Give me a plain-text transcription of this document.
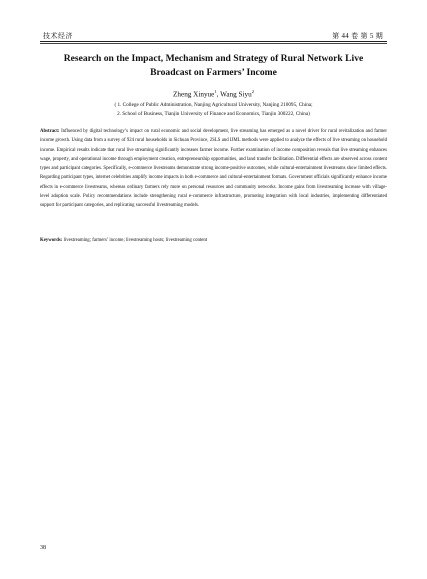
技术经济	第 44 卷 第 5 期
Research on the Impact, Mechanism and Strategy of Rural Network Live Broadcast on Farmers’ Income
Zheng Xinyue$^1$, Wang Siyu$^2$
( 1. College of Public Administration, Nanjing Agricultural University, Nanjing 210095, China;
2. School of Business, Tianjin University of Finance and Economics, Tianjin 300222, China)
Abstract: Influenced by digital technology’s impact on rural economic and social development, live streaming has emerged as a novel driver for rural revitalization and farmer income growth. Using data from a survey of 924 rural households in Sichuan Province, 2SLS and IJML methods were applied to analyze the effects of live streaming on household income. Empirical results indicate that rural live streaming significantly increases farmer income. Further examination of income composition reveals that live streaming enhances wage, property, and operational income through employment creation, entrepreneurship opportunities, and land transfer facilitation. Differential effects are observed across content types and participant categories. Specifically, e-commerce livestreams demonstrate strong income-positive outcomes, while cultural-entertainment livestreams show limited effects. Regarding participant types, internet celebrities amplify income impacts in both e-commerce and cultural-entertainment formats. Government officials significantly enhance income effects in e-commerce livestreams, whereas ordinary farmers rely more on personal resources and community networks. Income gains from livestreaming increase with village-level adoption scale. Policy recommendations include strengthening rural e-commerce infrastructure, promoting integration with local industries, implementing differentiated support for participant categories, and replicating successful livestreaming models.
Keywords: livestreaming; farmers’ income; livestreaming hosts; livestreaming content
38
